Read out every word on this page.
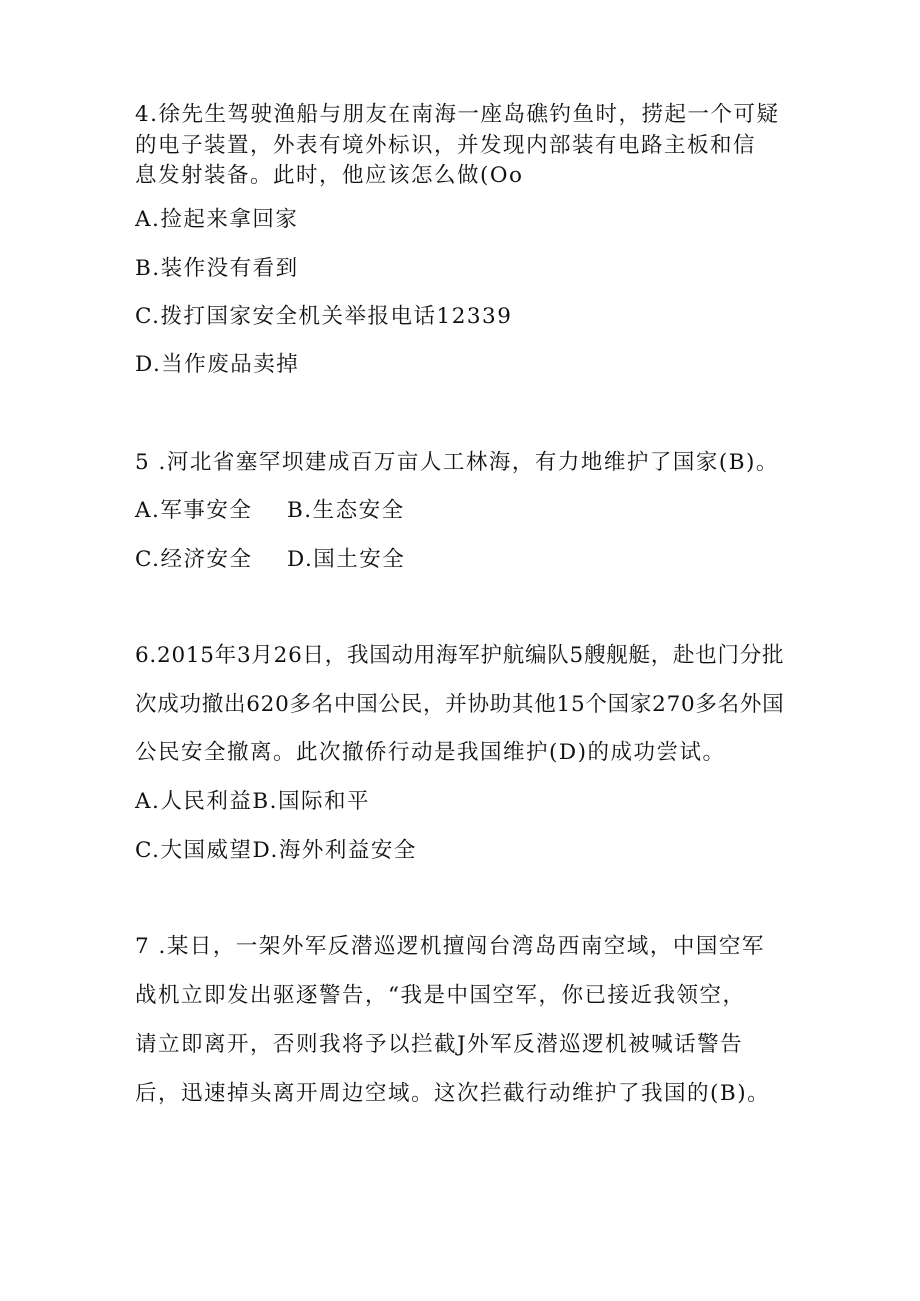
4.徐先生驾驶渔船与朋友在南海一座岛礁钓鱼时，捞起一个可疑
的电子装置，外表有境外标识，并发现内部装有电路主板和信
息发射装备。此时，他应该怎么做(Oo
A.捡起来拿回家
B.装作没有看到
C.拨打国家安全机关举报电话12339
D.当作废品卖掉
5 .河北省塞罕坝建成百万亩人工林海，有力地维护了国家(B)。
A.军事安全 B.生态安全
C.经济安全 D.国土安全
6.2015年3月26日，我国动用海军护航编队5艘舰艇，赴也门分批
次成功撤出620多名中国公民，并协助其他15个国家270多名外国
公民安全撤离。此次撤侨行动是我国维护(D)的成功尝试。
A.人民利益B.国际和平
C.大国威望D.海外利益安全
7 .某日，一架外军反潜巡逻机擅闯台湾岛西南空域，中国空军
战机立即发出驱逐警告，“我是中国空军，你已接近我领空，
请立即离开，否则我将予以拦截J外军反潜巡逻机被喊话警告
后，迅速掉头离开周边空域。这次拦截行动维护了我国的(B)。
